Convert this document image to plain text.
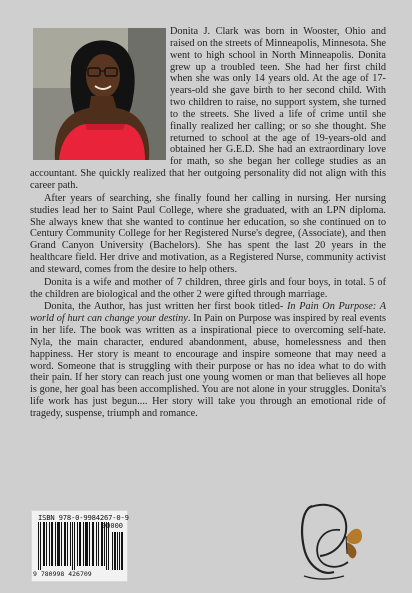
Donita J. Clark was born in Wooster, Ohio and raised on the streets of Minneapolis, Minnesota. She went to high school in North Minneapolis. Donita grew up a troubled teen. She had her first child when she was only 14 years old. At the age of 17-years-old she gave birth to her second child. With two children to raise, no support system, she turned to the streets. She lived a life of crime until she finally realized her calling; or so she thought. She returned to school at the age of 19-years-old and obtained her G.E.D. She had an extraordinary love for math, so she began her college studies as an accountant. She quickly realized that her outgoing personality did not align with this career path.

After years of searching, she finally found her calling in nursing. Her nursing studies lead her to Saint Paul College, where she graduated, with an LPN diploma. She always knew that she wanted to continue her education, so she continued on to Century Community College for her Registered Nurse's degree, (Associate), and then Grand Canyon University (Bachelors). She has spent the last 20 years in the healthcare field. Her drive and motivation, as a Registered Nurse, community activist and steward, comes from the desire to help others.

Donita is a wife and mother of 7 children, three girls and four boys, in total. 5 of the children are biological and the other 2 were gifted through marriage.

Donita, the Author, has just written her first book titled- In Pain On Purpose: A world of hurt can change your destiny. In Pain on Purpose was inspired by real events in her life. The book was written as a inspirational piece to overcoming self-hate. Nyla, the main character, endured abandonment, abuse, homelessness and then happiness. Her story is meant to encourage and inspire someone that may need a word. Someone that is struggling with their purpose or has no idea what to do with their pain. If her story can reach just one young women or man that believes all hope is gone, her goal has been accomplished. You are not alone in your struggles. Donita's life work has just begun.... Her story will take you through an emotional ride of tragedy, suspense, triumph and romance.

ISBN 978-0-9984267-0-9
90000
9 780998 426709
